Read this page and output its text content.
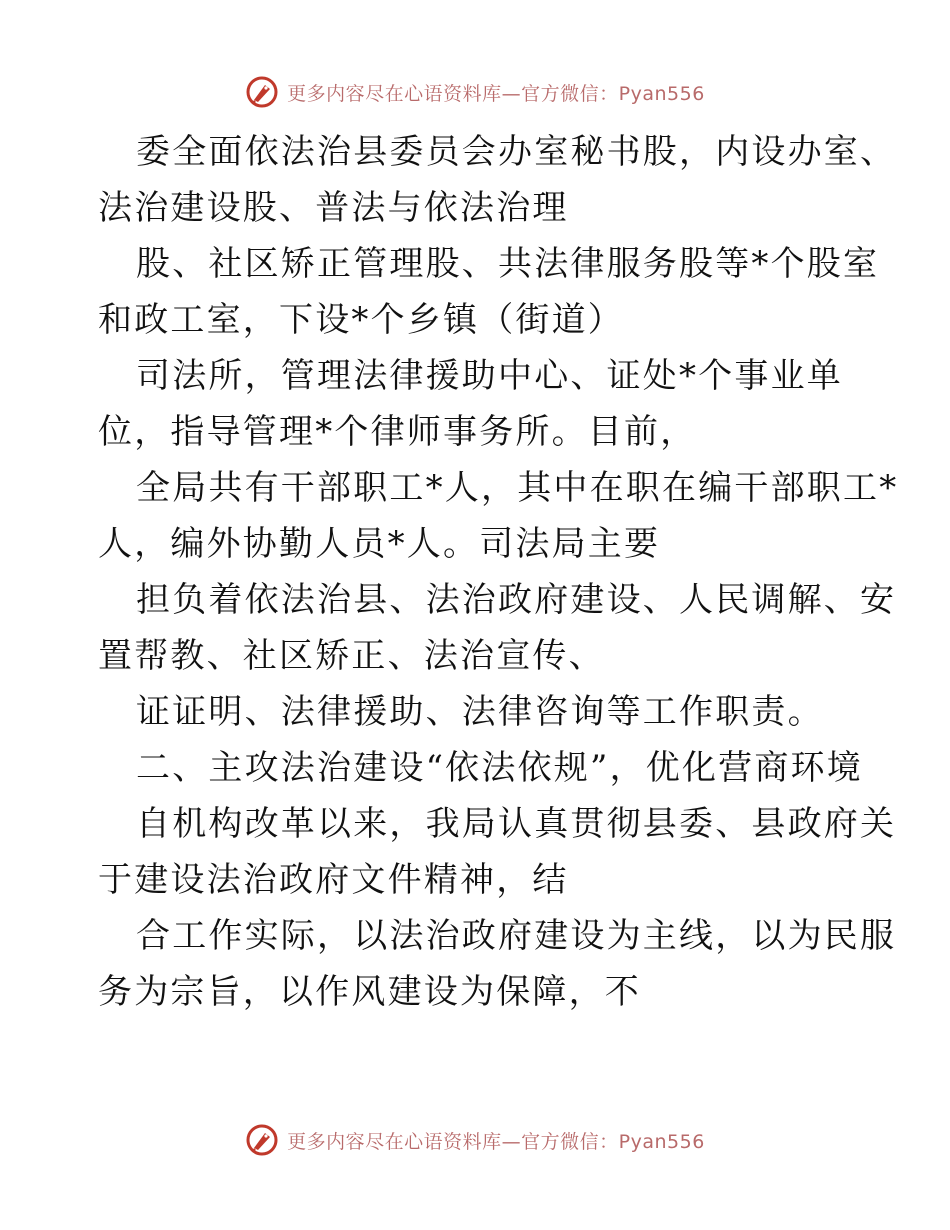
更多内容尽在心语资料库—官方微信：Pyan556
委全面依法治县委员会办室秘书股，内设办室、
法治建设股、普法与依法治理
股、社区矫正管理股、共法律服务股等*个股室
和政工室，下设*个乡镇（街道）
司法所，管理法律援助中心、证处*个事业单
位，指导管理*个律师事务所。目前，
全局共有干部职工*人，其中在职在编干部职工*
人，编外协勤人员*人。司法局主要
担负着依法治县、法治政府建设、人民调解、安
置帮教、社区矫正、法治宣传、
证证明、法律援助、法律咨询等工作职责。
二、主攻法治建设“依法依规”，优化营商环境
自机构改革以来，我局认真贯彻县委、县政府关
于建设法治政府文件精神，结
合工作实际，以法治政府建设为主线，以为民服
务为宗旨，以作风建设为保障，不
更多内容尽在心语资料库—官方微信：Pyan556
